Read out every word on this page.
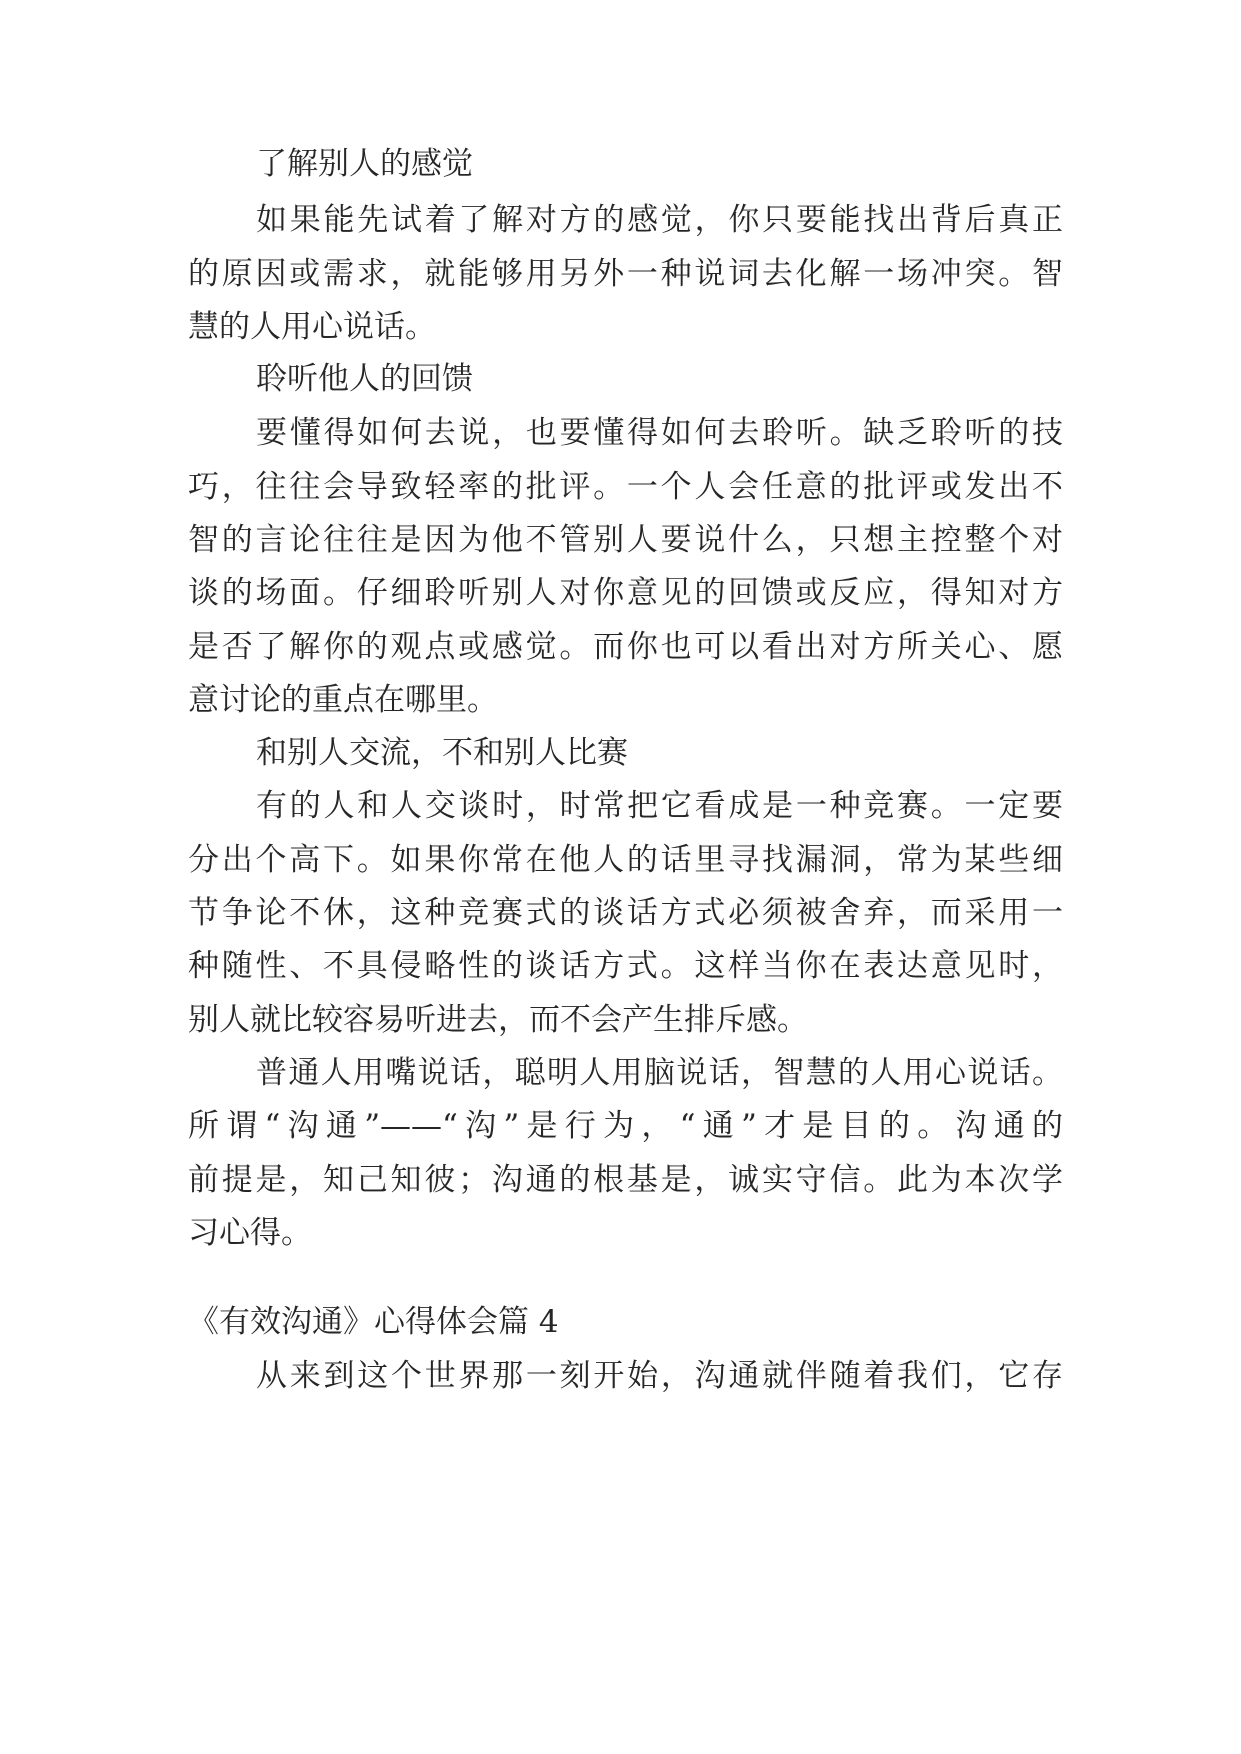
了解别人的感觉
如果能先试着了解对方的感觉，你只要能找出背后真正
的原因或需求，就能够用另外一种说词去化解一场冲突。智
慧的人用心说话。
聆听他人的回馈
要懂得如何去说，也要懂得如何去聆听。缺乏聆听的技
巧，往往会导致轻率的批评。一个人会任意的批评或发出不
智的言论往往是因为他不管别人要说什么，只想主控整个对
谈的场面。仔细聆听别人对你意见的回馈或反应，得知对方
是否了解你的观点或感觉。而你也可以看出对方所关心、愿
意讨论的重点在哪里。
和别人交流，不和别人比赛
有的人和人交谈时，时常把它看成是一种竞赛。一定要
分出个高下。如果你常在他人的话里寻找漏洞，常为某些细
节争论不休，这种竞赛式的谈话方式必须被舍弃，而采用一
种随性、不具侵略性的谈话方式。这样当你在表达意见时，
别人就比较容易听进去，而不会产生排斥感。
普通人用嘴说话，聪明人用脑说话，智慧的人用心说话。
所谓“沟通”——“沟”是行为，“通”才是目的。沟通的
前提是，知己知彼；沟通的根基是，诚实守信。此为本次学
习心得。
《有效沟通》心得体会篇 4
从来到这个世界那一刻开始，沟通就伴随着我们，它存
